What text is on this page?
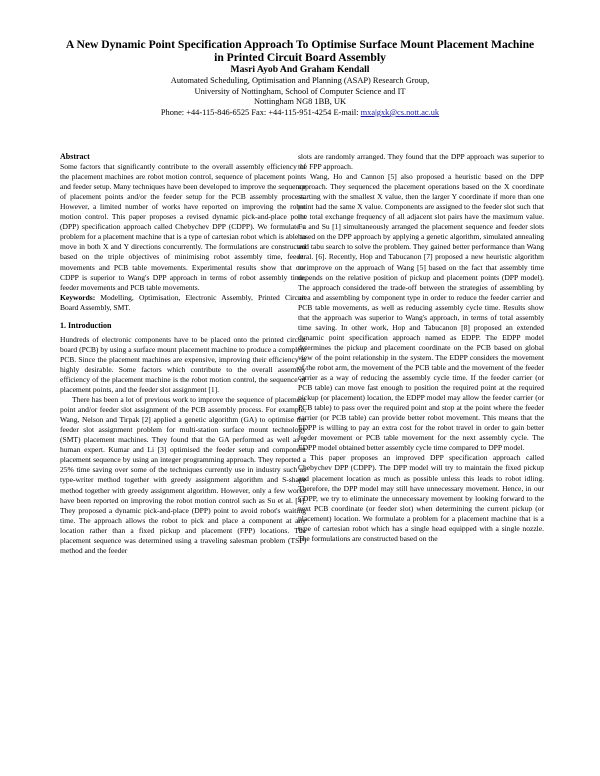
A New Dynamic Point Specification Approach To Optimise Surface Mount Placement Machine
in Printed Circuit Board Assembly
Masri Ayob And Graham Kendall
Automated Scheduling, Optimisation and Planning (ASAP) Research Group,
University of Nottingham, School of Computer Science and IT
Nottingham NG8 1BB, UK
Phone: +44-115-846-6525 Fax: +44-115-951-4254 E-mail: mxa|gxk@cs.nott.ac.uk

Abstract

Some factors that significantly contribute to the overall assembly efficiency of the placement machines are robot motion control, sequence of placement points and feeder setup. Many techniques have been developed to improve the sequence of placement points and/or the feeder setup for the PCB assembly process. However, a limited number of works have reported on improving the robot motion control. This paper proposes a revised dynamic pick-and-place point (DPP) specification approach called Chebychev DPP (CDPP). We formulate a problem for a placement machine that is a type of cartesian robot which is able to move in both X and Y directions concurrently. The formulations are constructed based on the triple objectives of minimising robot assembly time, feeder movements and PCB table movements. Experimental results show that our CDPP is superior to Wang's DPP approach in terms of robot assembly time, feeder movements and PCB table movements.

Keywords: Modelling, Optimisation, Electronic Assembly, Printed Circuit Board Assembly, SMT.

1. Introduction

Hundreds of electronic components have to be placed onto the printed circuit board (PCB) by using a surface mount placement machine to produce a complete PCB. Since the placement machines are expensive, improving their efficiency is highly desirable. Some factors which contribute to the overall assembly efficiency of the placement machine is the robot motion control, the sequence of placement points, and the feeder slot assignment [1].

There has been a lot of previous work to improve the sequence of placement point and/or feeder slot assignment of the PCB assembly process. For example, Wang, Nelson and Tirpak [2] applied a genetic algorithm (GA) to optimise the feeder slot assignment problem for multi-station surface mount technology (SMT) placement machines. They found that the GA performed as well as a human expert. Kumar and Li [3] optimised the feeder setup and component placement sequence by using an integer programming approach. They reported a 25% time saving over some of the techniques currently use in industry such as type-writer method together with greedy assignment algorithm and S-shape method together with greedy assignment algorithm. However, only a few works have been reported on improving the robot motion control such as Su et al. [4]. They proposed a dynamic pick-and-place (DPP) point to avoid robot's waiting time. The approach allows the robot to pick and place a component at any location rather than a fixed pickup and placement (FPP) locations. The placement sequence was determined using a traveling salesman problem (TSP) method and the feeder

slots are randomly arranged. They found that the DPP approach was superior to the FPP approach.

Wang, Ho and Cannon [5] also proposed a heuristic based on the DPP approach. They sequenced the placement operations based on the X coordinate starting with the smallest X value, then the larger Y coordinate if more than one point had the same X value. Components are assigned to the feeder slot such that the total exchange frequency of all adjacent slot pairs have the maximum value. Fu and Su [1] simultaneously arranged the placement sequence and feeder slots based on the DPP approach by applying a genetic algorithm, simulated annealing and tabu search to solve the problem. They gained better performance than Wang et al. [6]. Recently, Hop and Tabucanon [7] proposed a new heuristic algorithm to improve on the approach of Wang [5] based on the fact that assembly time depends on the relative position of pickup and placement points (DPP model). The approach considered the trade-off between the strategies of assembling by area and assembling by component type in order to reduce the feeder carrier and PCB table movements, as well as reducing assembly cycle time. Results show that the approach was superior to Wang's approach, in terms of total assembly time saving. In other work, Hop and Tabucanon [8] proposed an extended dynamic point specification approach named as EDPP. The EDPP model determines the pickup and placement coordinate on the PCB based on global view of the point relationship in the system. The EDPP considers the movement of the robot arm, the movement of the PCB table and the movement of the feeder carrier as a way of reducing the assembly cycle time. If the feeder carrier (or PCB table) can move fast enough to position the required point at the required pickup (or placement) location, the EDPP model may allow the feeder carrier (or PCB table) to pass over the required point and stop at the point where the feeder carrier (or PCB table) can provide better robot movement. This means that the EDPP is willing to pay an extra cost for the robot travel in order to gain better feeder movement or PCB table movement for the next assembly cycle. The EDPP model obtained better assembly cycle time compared to DPP model.

This paper proposes an improved DPP specification approach called Chebychev DPP (CDPP). The DPP model will try to maintain the fixed pickup and placement location as much as possible unless this leads to robot idling. Therefore, the DPP model may still have unnecessary movement. Hence, in our CDPP, we try to eliminate the unnecessary movement by looking forward to the next PCB coordinate (or feeder slot) when determining the current pickup (or placement) location. We formulate a problem for a placement machine that is a type of cartesian robot which has a single head equipped with a single nozzle. The formulations are constructed based on the
